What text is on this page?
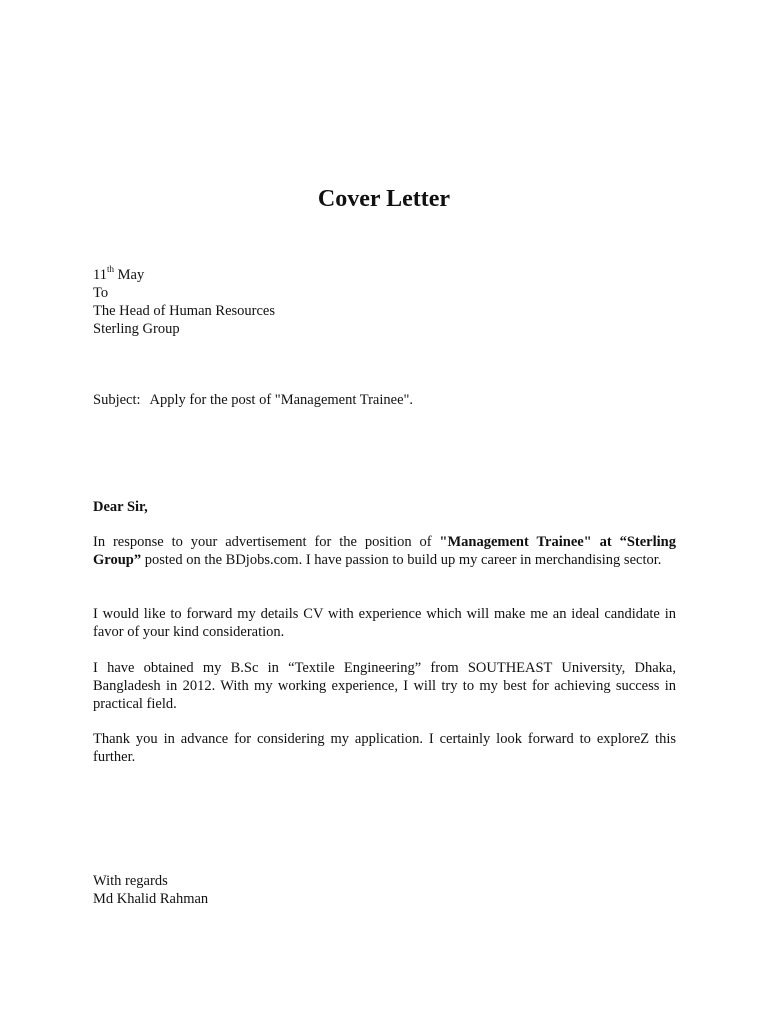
Cover Letter
11th May
To
The Head of Human Resources
Sterling Group
Subject: Apply for the post of "Management Trainee".
Dear Sir,
In response to your advertisement for the position of "Management Trainee" at “Sterling Group” posted on the BDjobs.com. I have passion to build up my career in merchandising sector.
I would like to forward my details CV with experience which will make me an ideal candidate in favor of your kind consideration.
I have obtained my B.Sc in “Textile Engineering” from SOUTHEAST University, Dhaka, Bangladesh in 2012. With my working experience, I will try to my best for achieving success in practical field.
Thank you in advance for considering my application. I certainly look forward to exploreZ this further.
With regards
Md Khalid Rahman
